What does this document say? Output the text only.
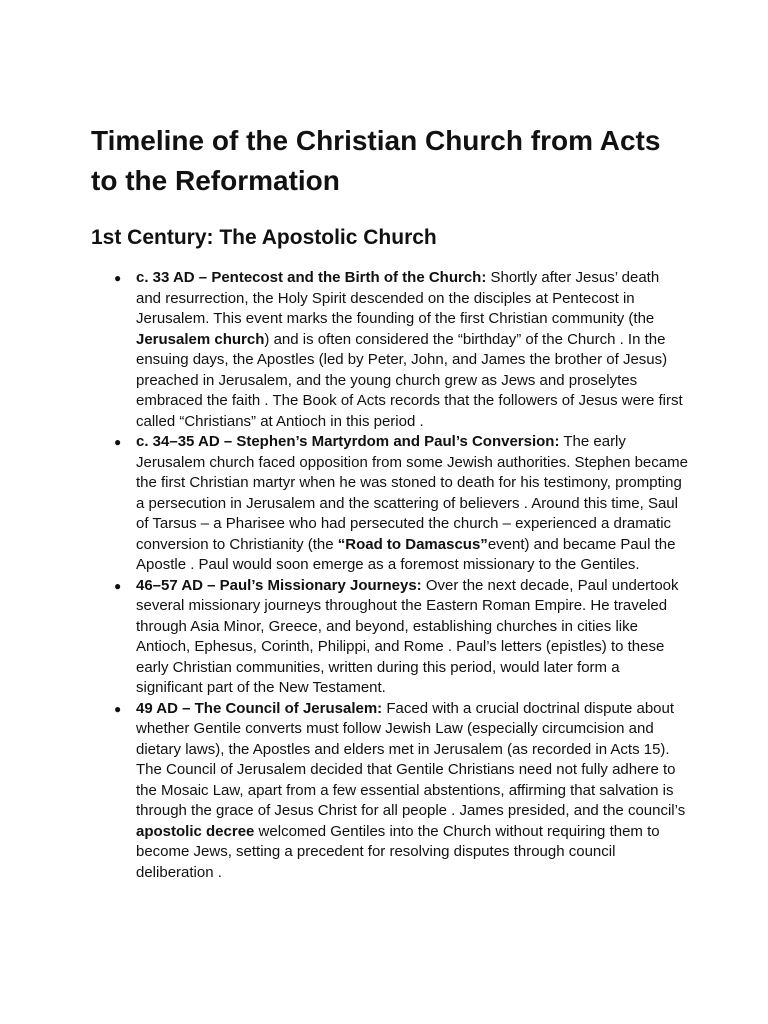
Timeline of the Christian Church from Acts to the Reformation
1st Century: The Apostolic Church
● c. 33 AD – Pentecost and the Birth of the Church: Shortly after Jesus’ death and resurrection, the Holy Spirit descended on the disciples at Pentecost in Jerusalem. This event marks the founding of the first Christian community (the Jerusalem church) and is often considered the “birthday” of the Church . In the ensuing days, the Apostles (led by Peter, John, and James the brother of Jesus) preached in Jerusalem, and the young church grew as Jews and proselytes embraced the faith . The Book of Acts records that the followers of Jesus were first called “Christians” at Antioch in this period .
● c. 34–35 AD – Stephen’s Martyrdom and Paul’s Conversion: The early Jerusalem church faced opposition from some Jewish authorities. Stephen became the first Christian martyr when he was stoned to death for his testimony, prompting a persecution in Jerusalem and the scattering of believers . Around this time, Saul of Tarsus – a Pharisee who had persecuted the church – experienced a dramatic conversion to Christianity (the “Road to Damascus”event) and became Paul the Apostle . Paul would soon emerge as a foremost missionary to the Gentiles.
● 46–57 AD – Paul’s Missionary Journeys: Over the next decade, Paul undertook several missionary journeys throughout the Eastern Roman Empire. He traveled through Asia Minor, Greece, and beyond, establishing churches in cities like Antioch, Ephesus, Corinth, Philippi, and Rome . Paul’s letters (epistles) to these early Christian communities, written during this period, would later form a significant part of the New Testament.
● 49 AD – The Council of Jerusalem: Faced with a crucial doctrinal dispute about whether Gentile converts must follow Jewish Law (especially circumcision and dietary laws), the Apostles and elders met in Jerusalem (as recorded in Acts 15). The Council of Jerusalem decided that Gentile Christians need not fully adhere to the Mosaic Law, apart from a few essential abstentions, affirming that salvation is through the grace of Jesus Christ for all people . James presided, and the council’s apostolic decree welcomed Gentiles into the Church without requiring them to become Jews, setting a precedent for resolving disputes through council deliberation .
